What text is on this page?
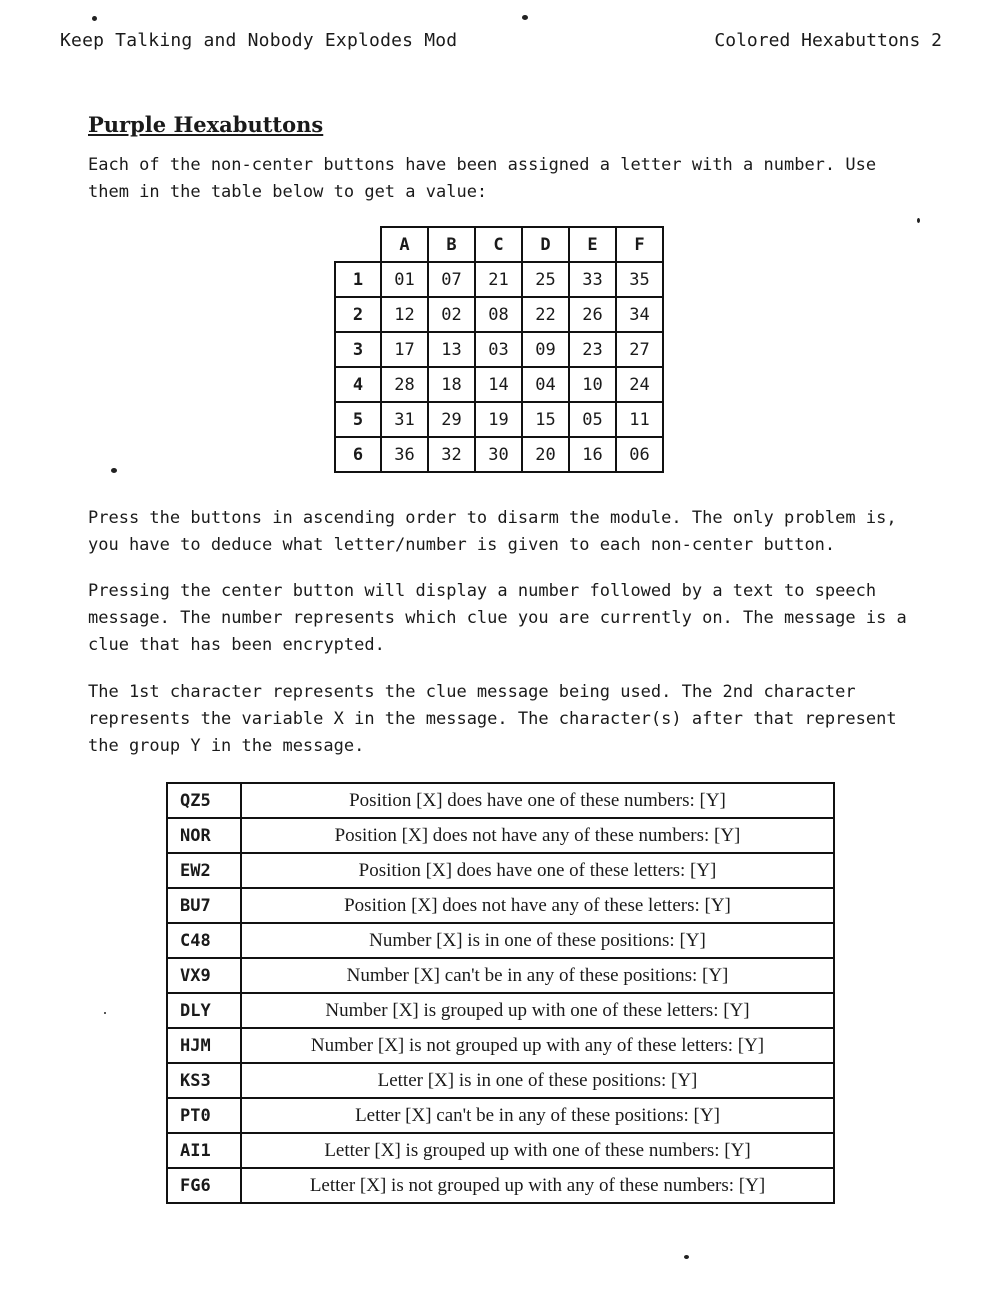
Keep Talking and Nobody Explodes Mod	Colored Hexabuttons 2
Purple Hexabuttons

Each of the non-center buttons have been assigned a letter with a number. Use them in the table below to get a value:

	A	B	C	D	E	F
1	01	07	21	25	33	35
2	12	02	08	22	26	34
3	17	13	03	09	23	27
4	28	18	14	04	10	24
5	31	29	19	15	05	11
6	36	32	30	20	16	06

Press the buttons in ascending order to disarm the module. The only problem is, you have to deduce what letter/number is given to each non-center button.

Pressing the center button will display a number followed by a text to speech message. The number represents which clue you are currently on. The message is a clue that has been encrypted.

The 1st character represents the clue message being used. The 2nd character represents the variable X in the message. The character(s) after that represent the group Y in the message.

QZ5	Position [X] does have one of these numbers: [Y]
NOR	Position [X] does not have any of these numbers: [Y]
EW2	Position [X] does have one of these letters: [Y]
BU7	Position [X] does not have any of these letters: [Y]
C48	Number [X] is in one of these positions: [Y]
VX9	Number [X] can't be in any of these positions: [Y]
DLY	Number [X] is grouped up with one of these letters: [Y]
HJM	Number [X] is not grouped up with any of these letters: [Y]
KS3	Letter [X] is in one of these positions: [Y]
PT0	Letter [X] can't be in any of these positions: [Y]
AI1	Letter [X] is grouped up with one of these numbers: [Y]
FG6	Letter [X] is not grouped up with any of these numbers: [Y]
